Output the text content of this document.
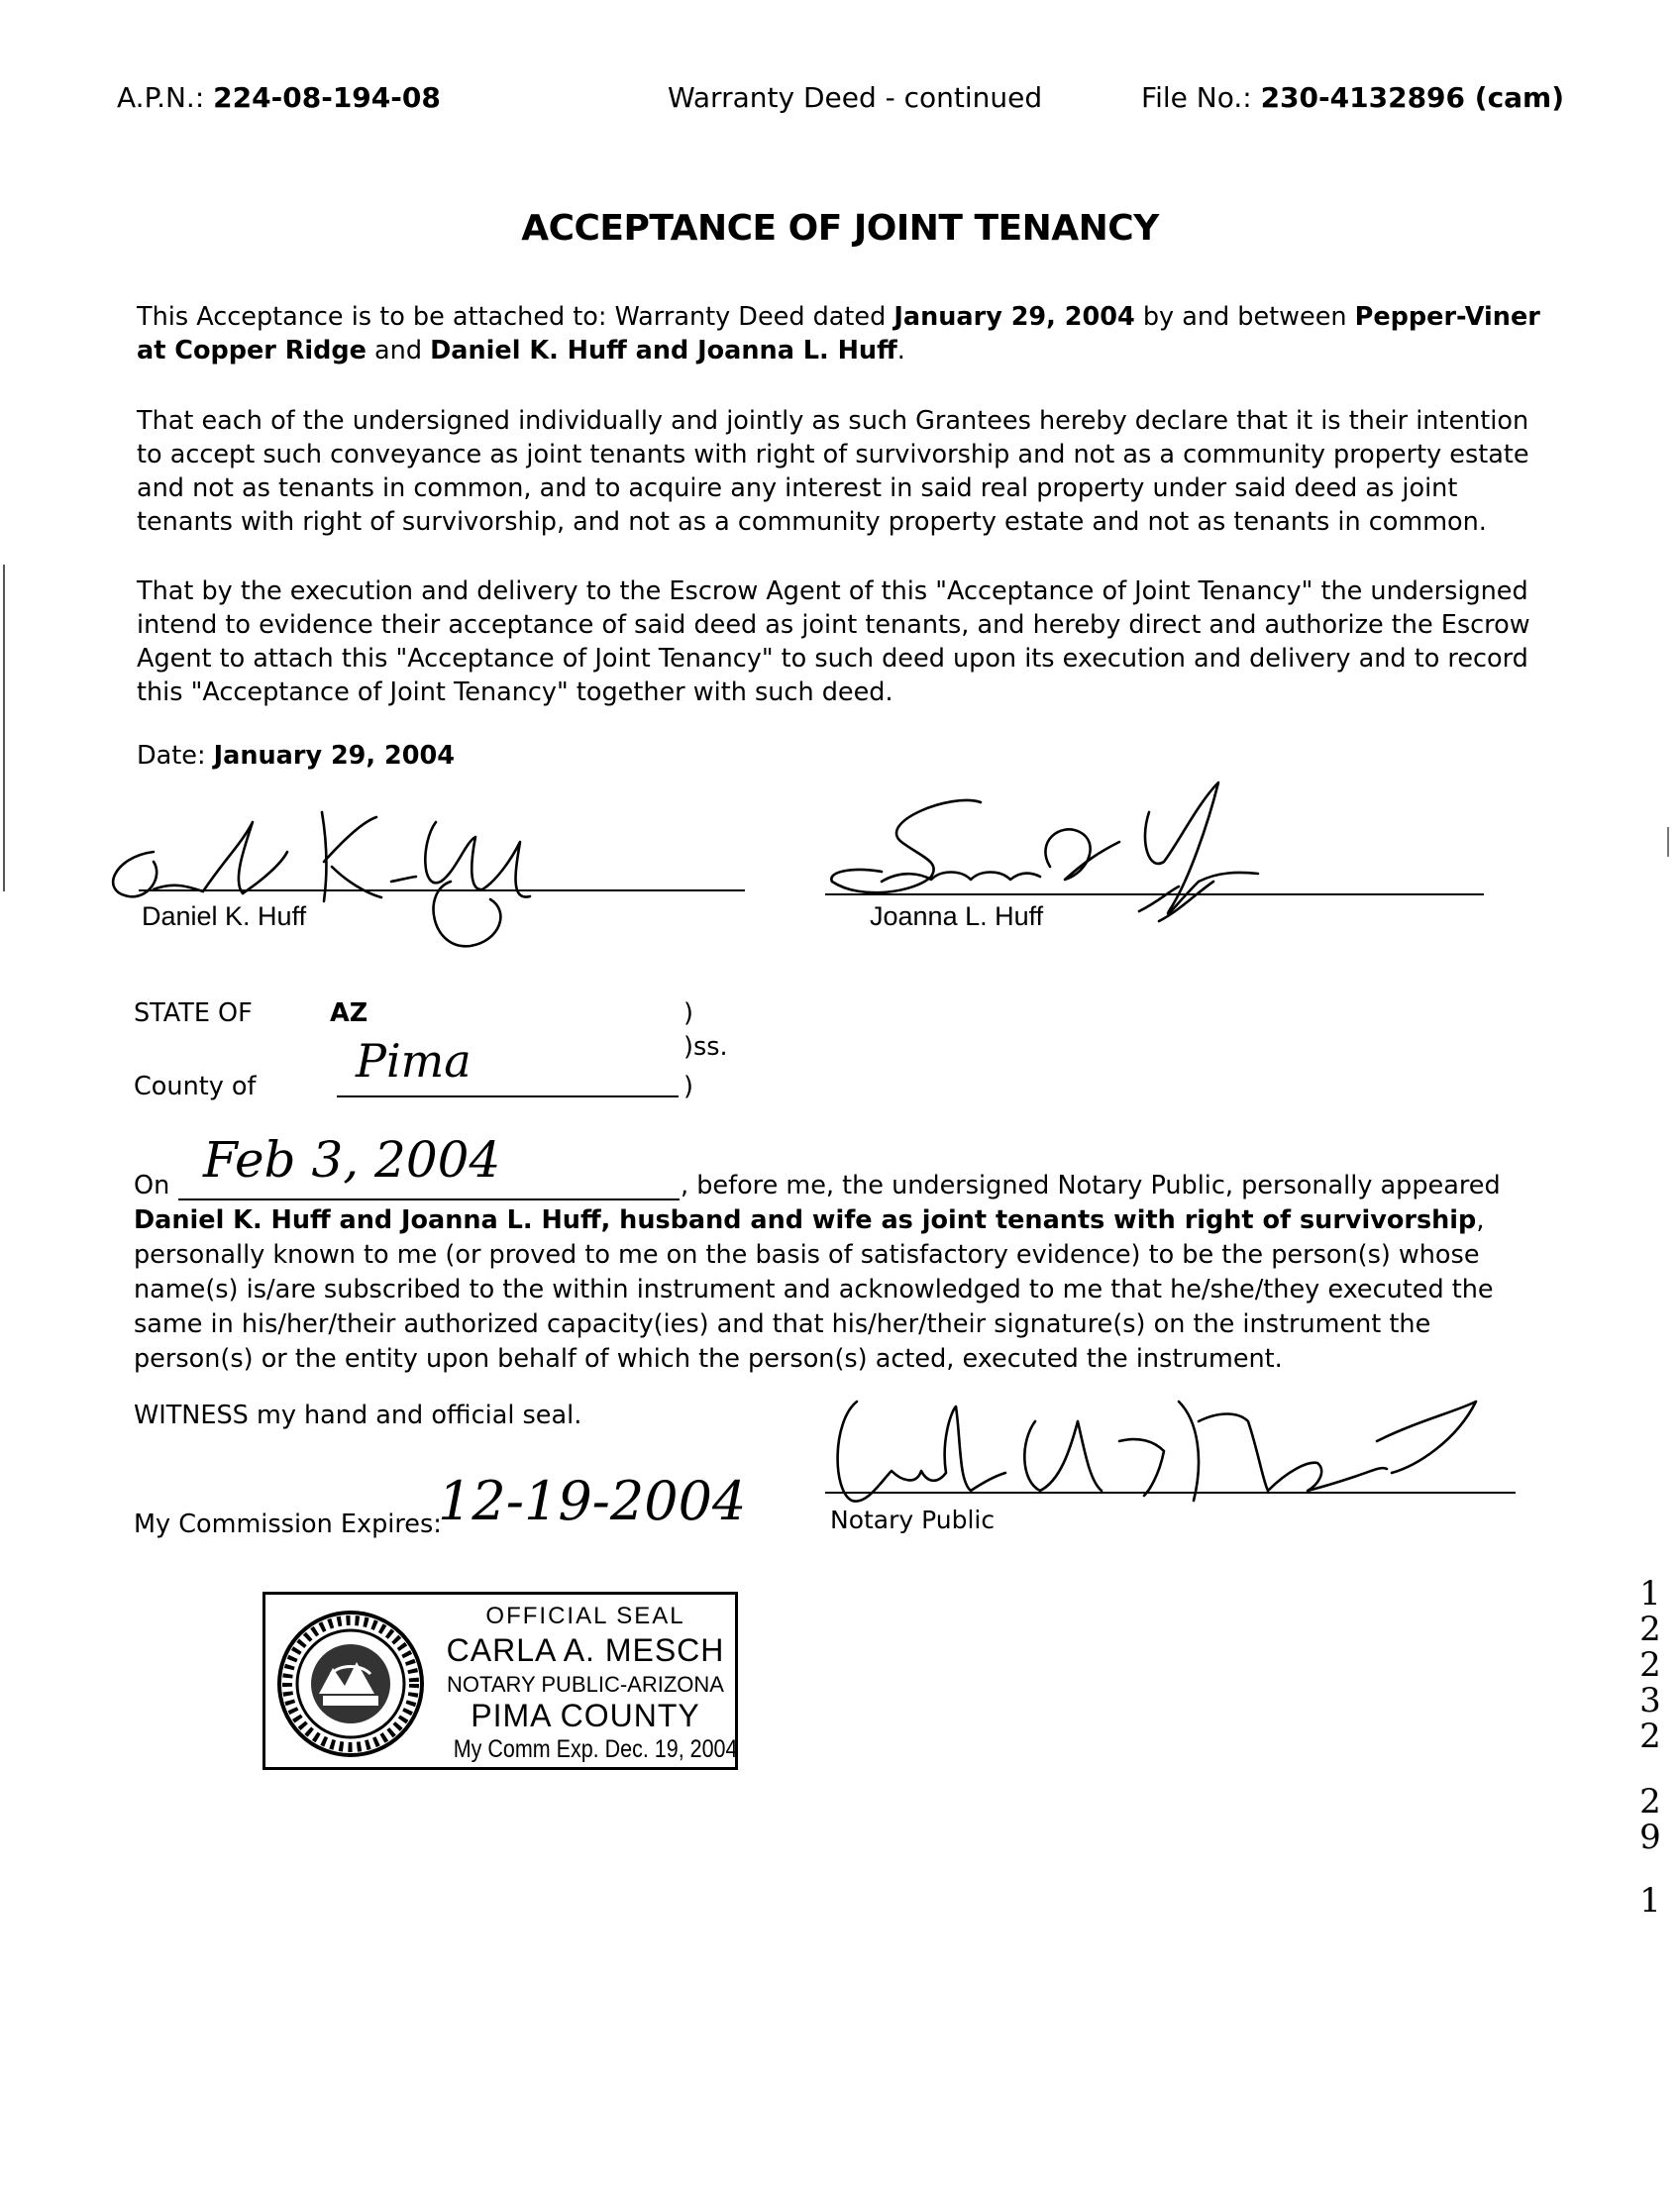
A.P.N.: 224-08-194-08	Warranty Deed - continued	File No.: 230-4132896 (cam)
ACCEPTANCE OF JOINT TENANCY
This Acceptance is to be attached to: Warranty Deed dated January 29, 2004 by and between Pepper-Viner at Copper Ridge and Daniel K. Huff and Joanna L. Huff.
That each of the undersigned individually and jointly as such Grantees hereby declare that it is their intention to accept such conveyance as joint tenants with right of survivorship and not as a community property estate and not as tenants in common, and to acquire any interest in said real property under said deed as joint tenants with right of survivorship, and not as a community property estate and not as tenants in common.
That by the execution and delivery to the Escrow Agent of this "Acceptance of Joint Tenancy" the undersigned intend to evidence their acceptance of said deed as joint tenants, and hereby direct and authorize the Escrow Agent to attach this "Acceptance of Joint Tenancy" to such deed upon its execution and delivery and to record this "Acceptance of Joint Tenancy" together with such deed.
Date: January 29, 2004
Daniel K. Huff	Joanna L. Huff
STATE OF	AZ	)
)ss.
County of Pima	)
On Feb 3, 2004	, before me, the undersigned Notary Public, personally appeared Daniel K. Huff and Joanna L. Huff, husband and wife as joint tenants with right of survivorship, personally known to me (or proved to me on the basis of satisfactory evidence) to be the person(s) whose name(s) is/are subscribed to the within instrument and acknowledged to me that he/she/they executed the same in his/her/their authorized capacity(ies) and that his/her/their signature(s) on the instrument the person(s) or the entity upon behalf of which the person(s) acted, executed the instrument.
WITNESS my hand and official seal.
My Commission Expires:
12-19-2004	Notary Public
OFFICIAL SEAL
CARLA A. MESCH
NOTARY PUBLIC-ARIZONA
PIMA COUNTY
My Comm Exp. Dec. 19, 2004
1
2
2
3
2
2
9
1
